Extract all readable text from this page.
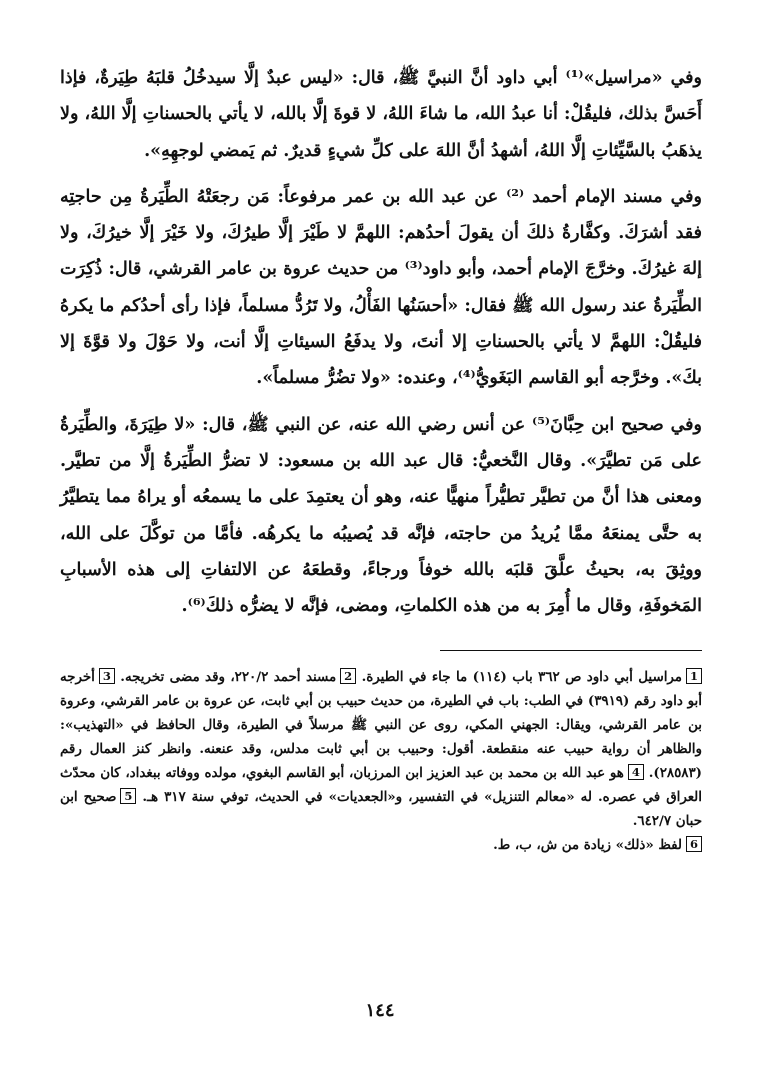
وفي «مراسيل»⁽¹⁾ أبي داود أنَّ النبيَّ ﷺ، قال: «ليس عبدٌ إلَّا سيدخُلُ قلبَهُ طِيَرةٌ، فإذا أَحَسَّ بذلك، فليقُلْ: أنا عبدُ الله، ما شاءَ اللهُ، لا قوةَ إلَّا بالله، لا يأتي بالحسناتِ إلَّا اللهُ، ولا يذهَبُ بالسَّيِّئاتِ إلَّا اللهُ، أشهدُ أنَّ اللهَ على كلِّ شيءٍ قديرٌ. ثم يَمضي لوجهِهِ».

وفي مسند الإمام أحمد ⁽²⁾ عن عبد الله بن عمر مرفوعاً: مَن رجعَتْهُ الطِّيَرةُ مِن حاجتِه فقد أشرَكَ. وكفَّارةُ ذلكَ أن يقولَ أحدُهم: اللهمَّ لا طَيْرَ إلَّا طيرُكَ، ولا خَيْرَ إلَّا خيرُكَ، ولا إلهَ غيرُكَ. وخرَّجَ الإمام أحمد، وأبو داود⁽³⁾ من حديث عروة بن عامر القرشي، قال: ذُكِرَت الطِّيَرةُ عند رسول الله ﷺ فقال: «أحسَنُها الفَأْلُ، ولا تَرُدُّ مسلماً، فإذا رأى أحدُكم ما يكرهُ فليقُلْ: اللهمَّ لا يأتي بالحسناتِ إلا أنتَ، ولا يدفَعُ السيئاتِ إلَّا أنت، ولا حَوْلَ ولا قوَّةَ إلا بكَ». وخرَّجه أبو القاسم البَغَويُّ⁽⁴⁾، وعنده: «ولا تضُرُّ مسلماً».

وفي صحيح ابن حِبَّانَ⁽⁵⁾ عن أنس رضي الله عنه، عن النبي ﷺ، قال: «لا طِيَرَةَ، والطِّيَرةُ على مَن تطيَّرَ». وقال النَّخعيُّ: قال عبد الله بن مسعود: لا تضرُّ الطِّيَرةُ إلَّا من تطيَّر. ومعنى هذا أنَّ من تطيَّر تطيُّراً منهيًّا عنه، وهو أن يعتمِدَ على ما يسمعُه أو يراهُ مما يتطيَّرُ به حتَّى يمنعَهُ ممَّا يُريدُ من حاجته، فإنَّه قد يُصيبُه ما يكرهُه. فأمَّا من توكَّلَ على الله، ووثِقَ به، بحيثُ علَّقَ قلبَه بالله خوفاً ورجاءً، وقطعَهُ عن الالتفاتِ إلى هذه الأسبابِ المَخوفَةِ، وقال ما أُمِرَ به من هذه الكلماتِ، ومضى، فإنَّه لا يضرُّه ذلكَ⁽⁶⁾.

1مراسيل أبي داود ص ٣٦٢ باب (١١٤) ما جاء في الطيرة. 2مسند أحمد ٢٢٠/٢، وقد مضى تخريجه. 3أخرجه أبو داود رقم (٣٩١٩) في الطب: باب في الطيرة، من حديث حبيب بن أبي ثابت، عن عروة بن عامر القرشي، وعروة بن عامر القرشي، ويقال: الجهني المكي، روى عن النبي ﷺ مرسلاً في الطيرة، وقال الحافظ في «التهذيب»: والظاهر أن رواية حبيب عنه منقطعة. أقول: وحبيب بن أبي ثابت مدلس، وقد عنعنه. وانظر كنز العمال رقم (٢٨٥٨٣). 4هو عبد الله بن محمد بن عبد العزيز ابن المرزبان، أبو القاسم البغوي، مولده ووفاته ببغداد، كان محدّث العراق في عصره. له «معالم التنزيل» في التفسير، و«الجعديات» في الحديث، توفي سنة ٣١٧ هـ. 5صحيح ابن حبان ٦٤٢/٧.

6لفظ «ذلك» زيادة من ش، ب، ط.

١٤٤
